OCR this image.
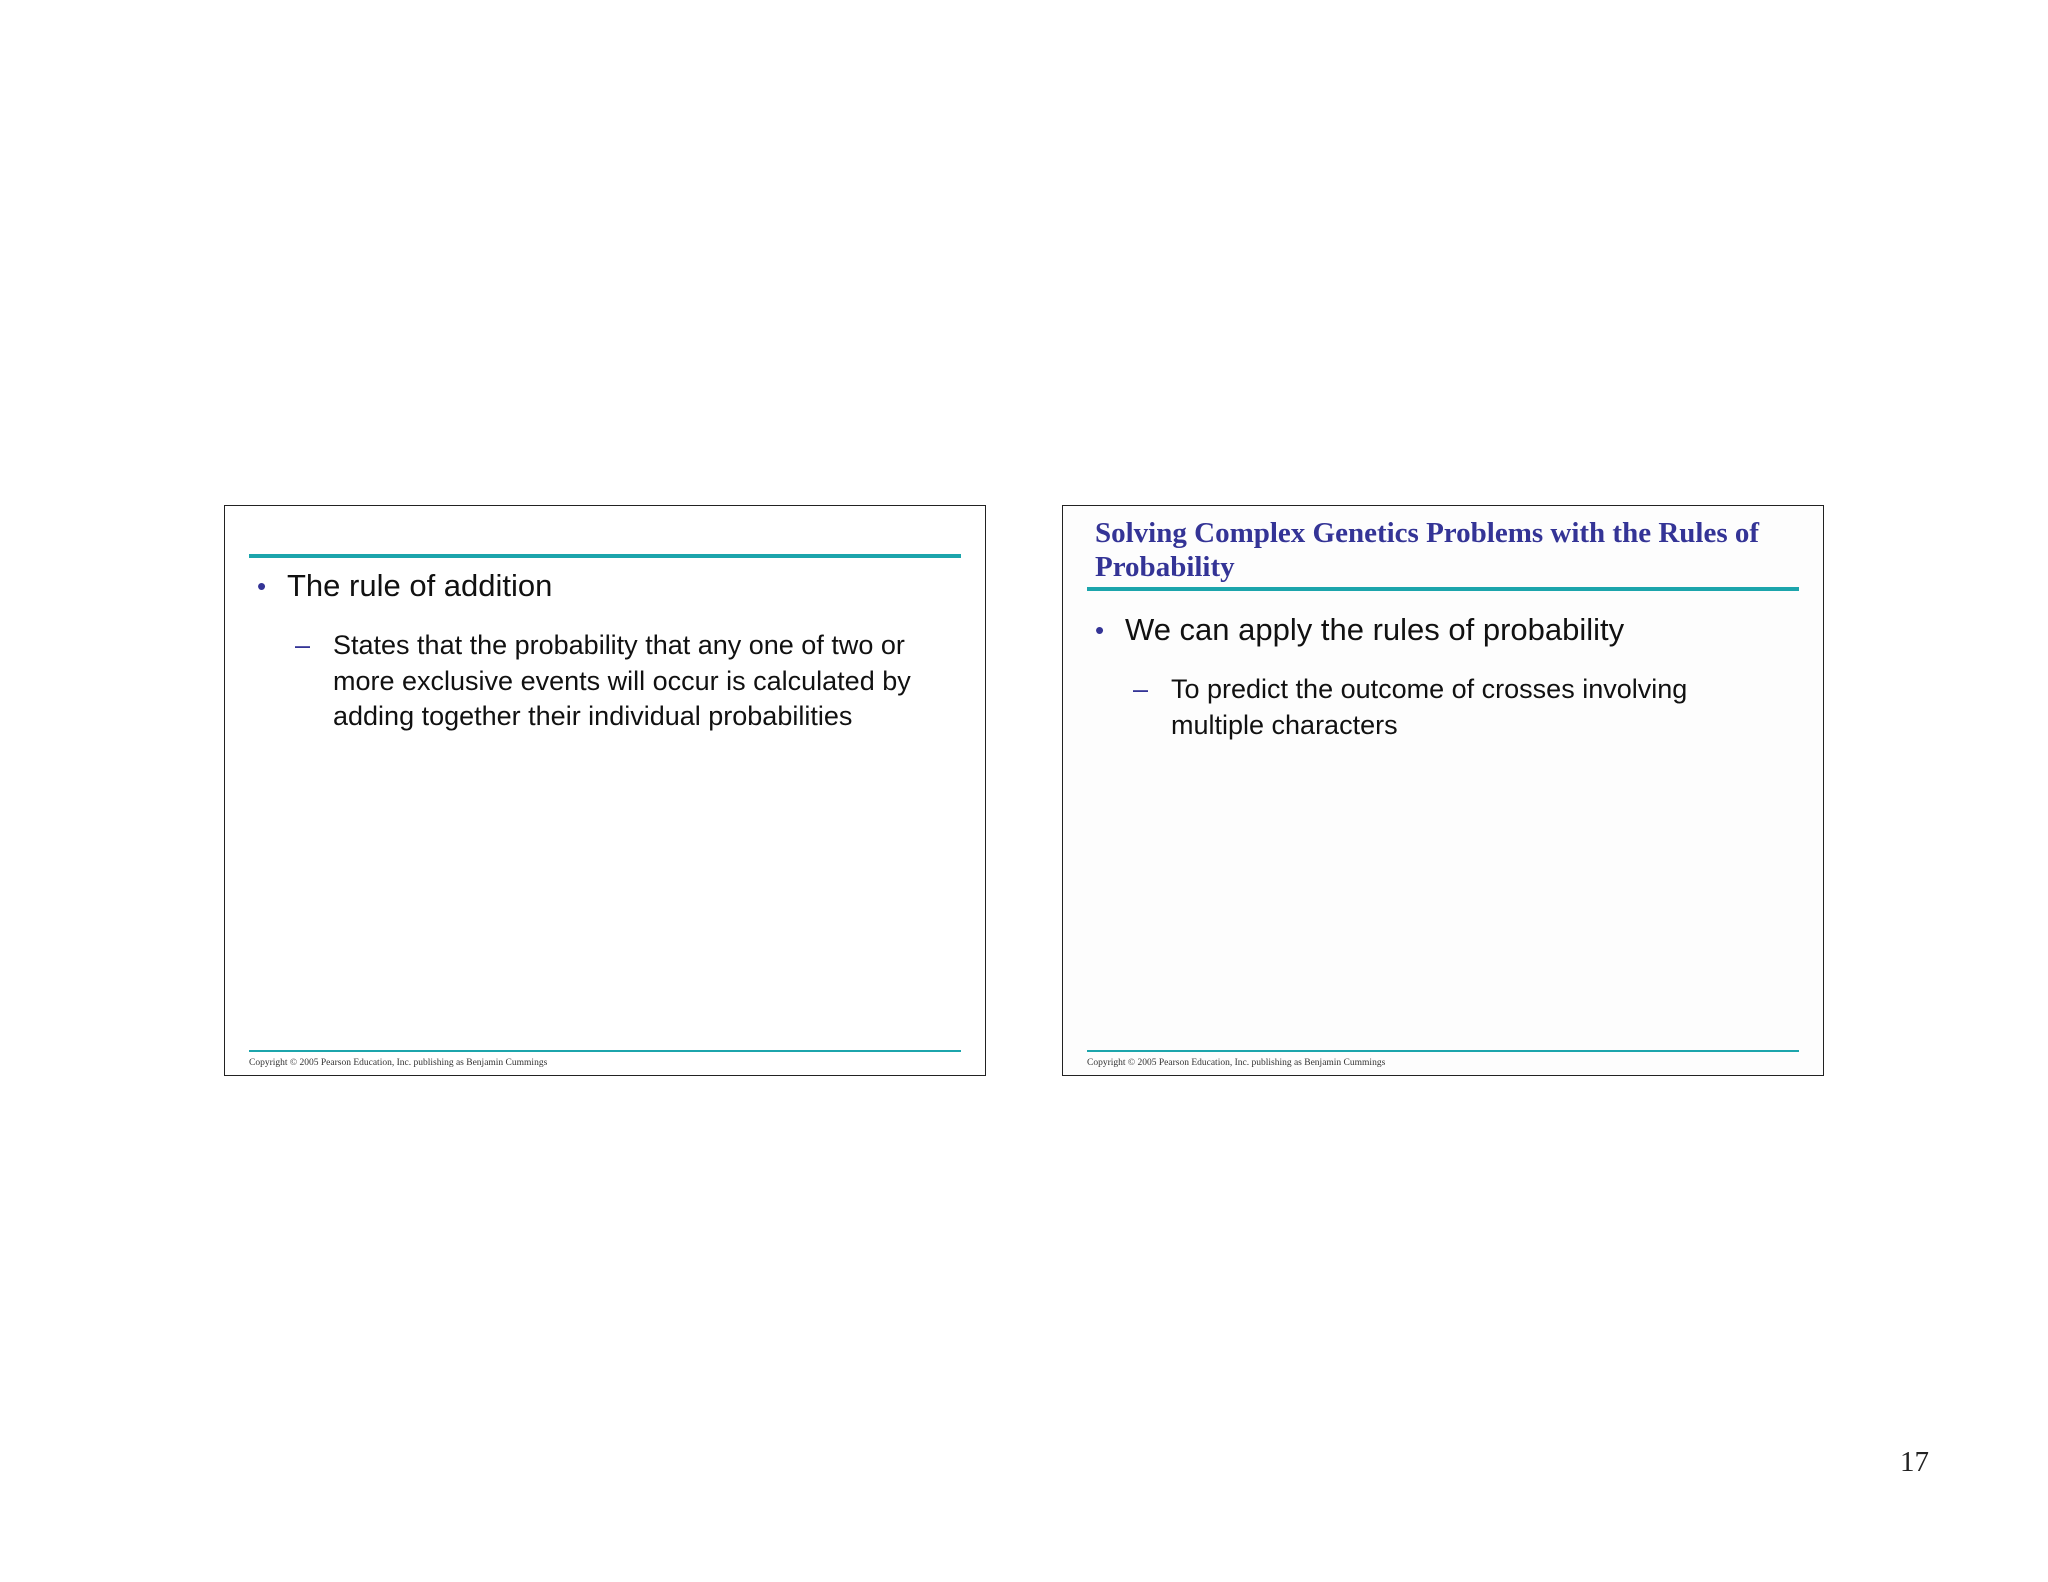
• The rule of addition

– States that the probability that any one of two or more exclusive events will occur is calculated by adding together their individual probabilities

Copyright © 2005 Pearson Education, Inc. publishing as Benjamin Cummings
Solving Complex Genetics Problems with the Rules of Probability

• We can apply the rules of probability

– To predict the outcome of crosses involving multiple characters

Copyright © 2005 Pearson Education, Inc. publishing as Benjamin Cummings
17
